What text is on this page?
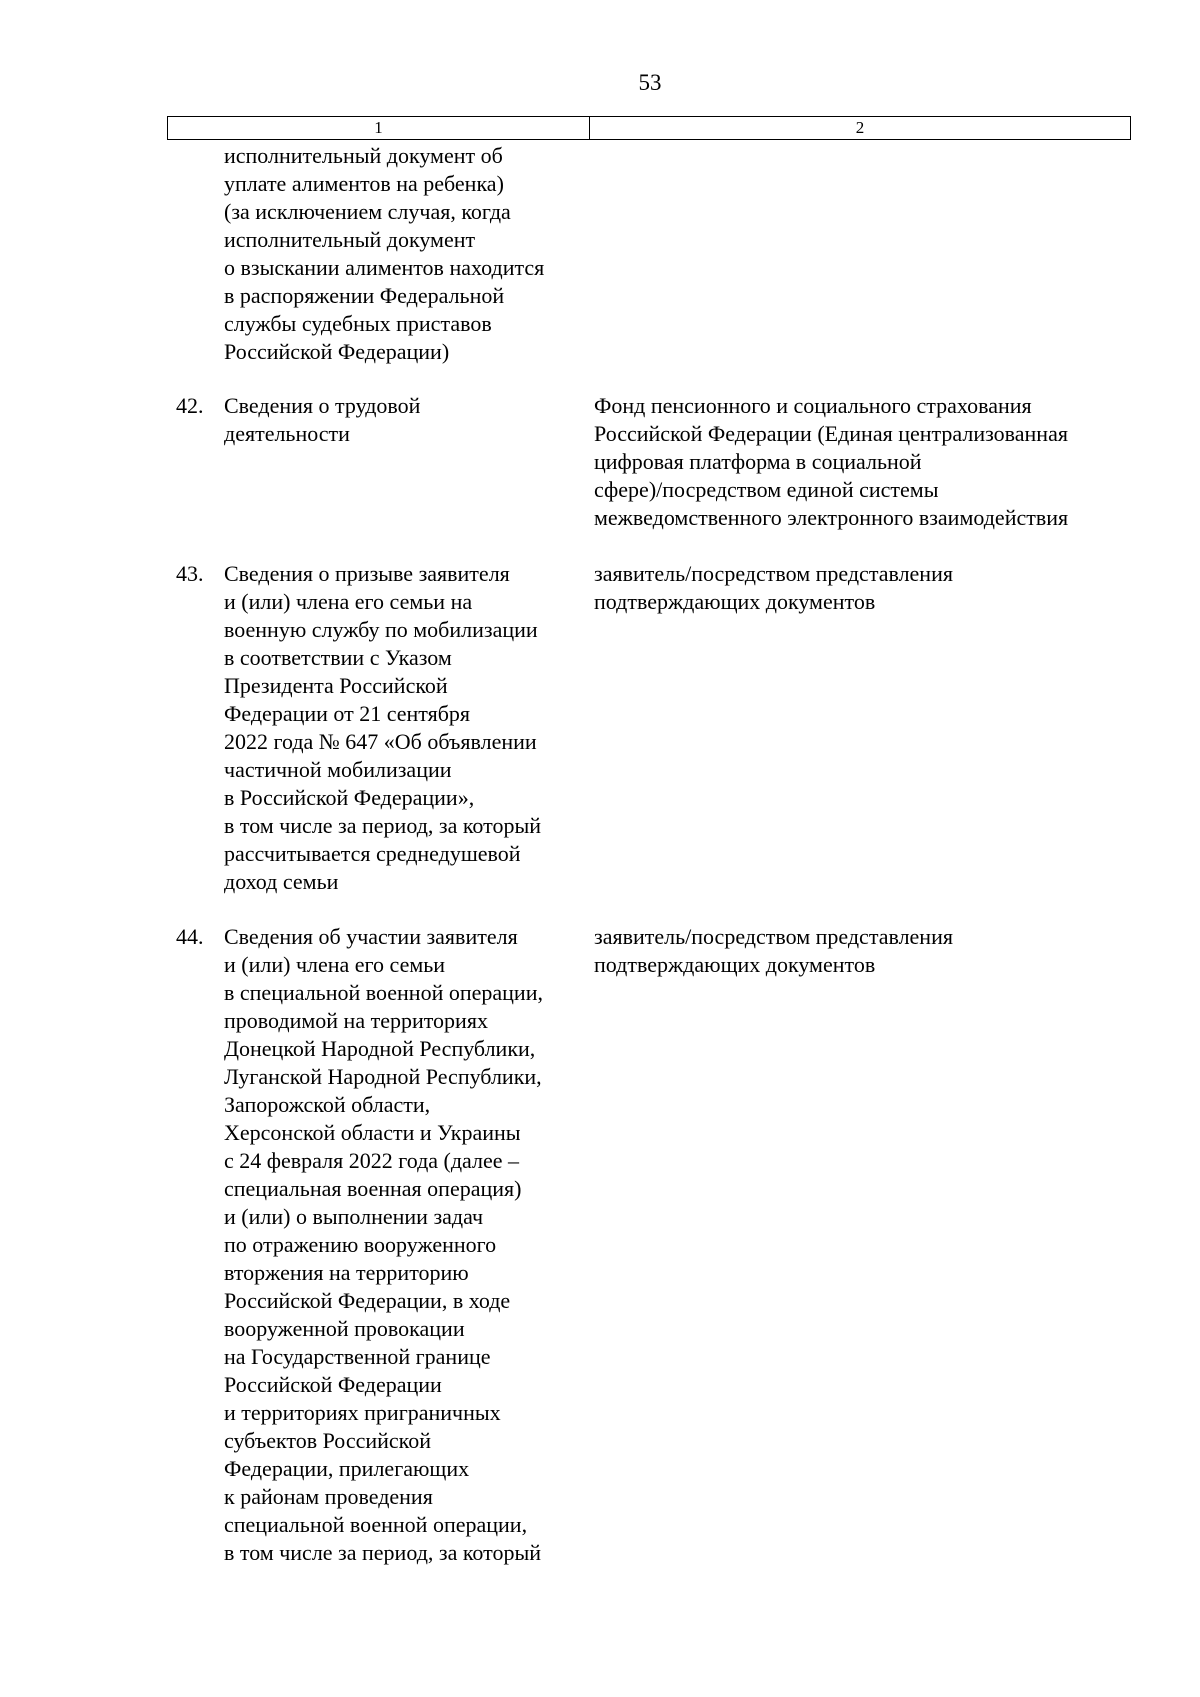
53
1	2

исполнительный документ об
уплате алиментов на ребенка)
(за исключением случая, когда
исполнительный документ
о взыскании алиментов находится
в распоряжении Федеральной
службы судебных приставов
Российской Федерации)

42. Сведения о трудовой
деятельности

Фонд пенсионного и социального страхования
Российской Федерации (Единая централизованная
цифровая платформа в социальной
сфере)/посредством единой системы
межведомственного электронного взаимодействия

43. Сведения о призыве заявителя
и (или) члена его семьи на
военную службу по мобилизации
в соответствии с Указом
Президента Российской
Федерации от 21 сентября
2022 года № 647 «Об объявлении
частичной мобилизации
в Российской Федерации»,
в том числе за период, за который
рассчитывается среднедушевой
доход семьи

заявитель/посредством представления
подтверждающих документов

44. Сведения об участии заявителя
и (или) члена его семьи
в специальной военной операции,
проводимой на территориях
Донецкой Народной Республики,
Луганской Народной Республики,
Запорожской области,
Херсонской области и Украины
с 24 февраля 2022 года (далее –
специальная военная операция)
и (или) о выполнении задач
по отражению вооруженного
вторжения на территорию
Российской Федерации, в ходе
вооруженной провокации
на Государственной границе
Российской Федерации
и территориях приграничных
субъектов Российской
Федерации, прилегающих
к районам проведения
специальной военной операции,
в том числе за период, за который

заявитель/посредством представления
подтверждающих документов
